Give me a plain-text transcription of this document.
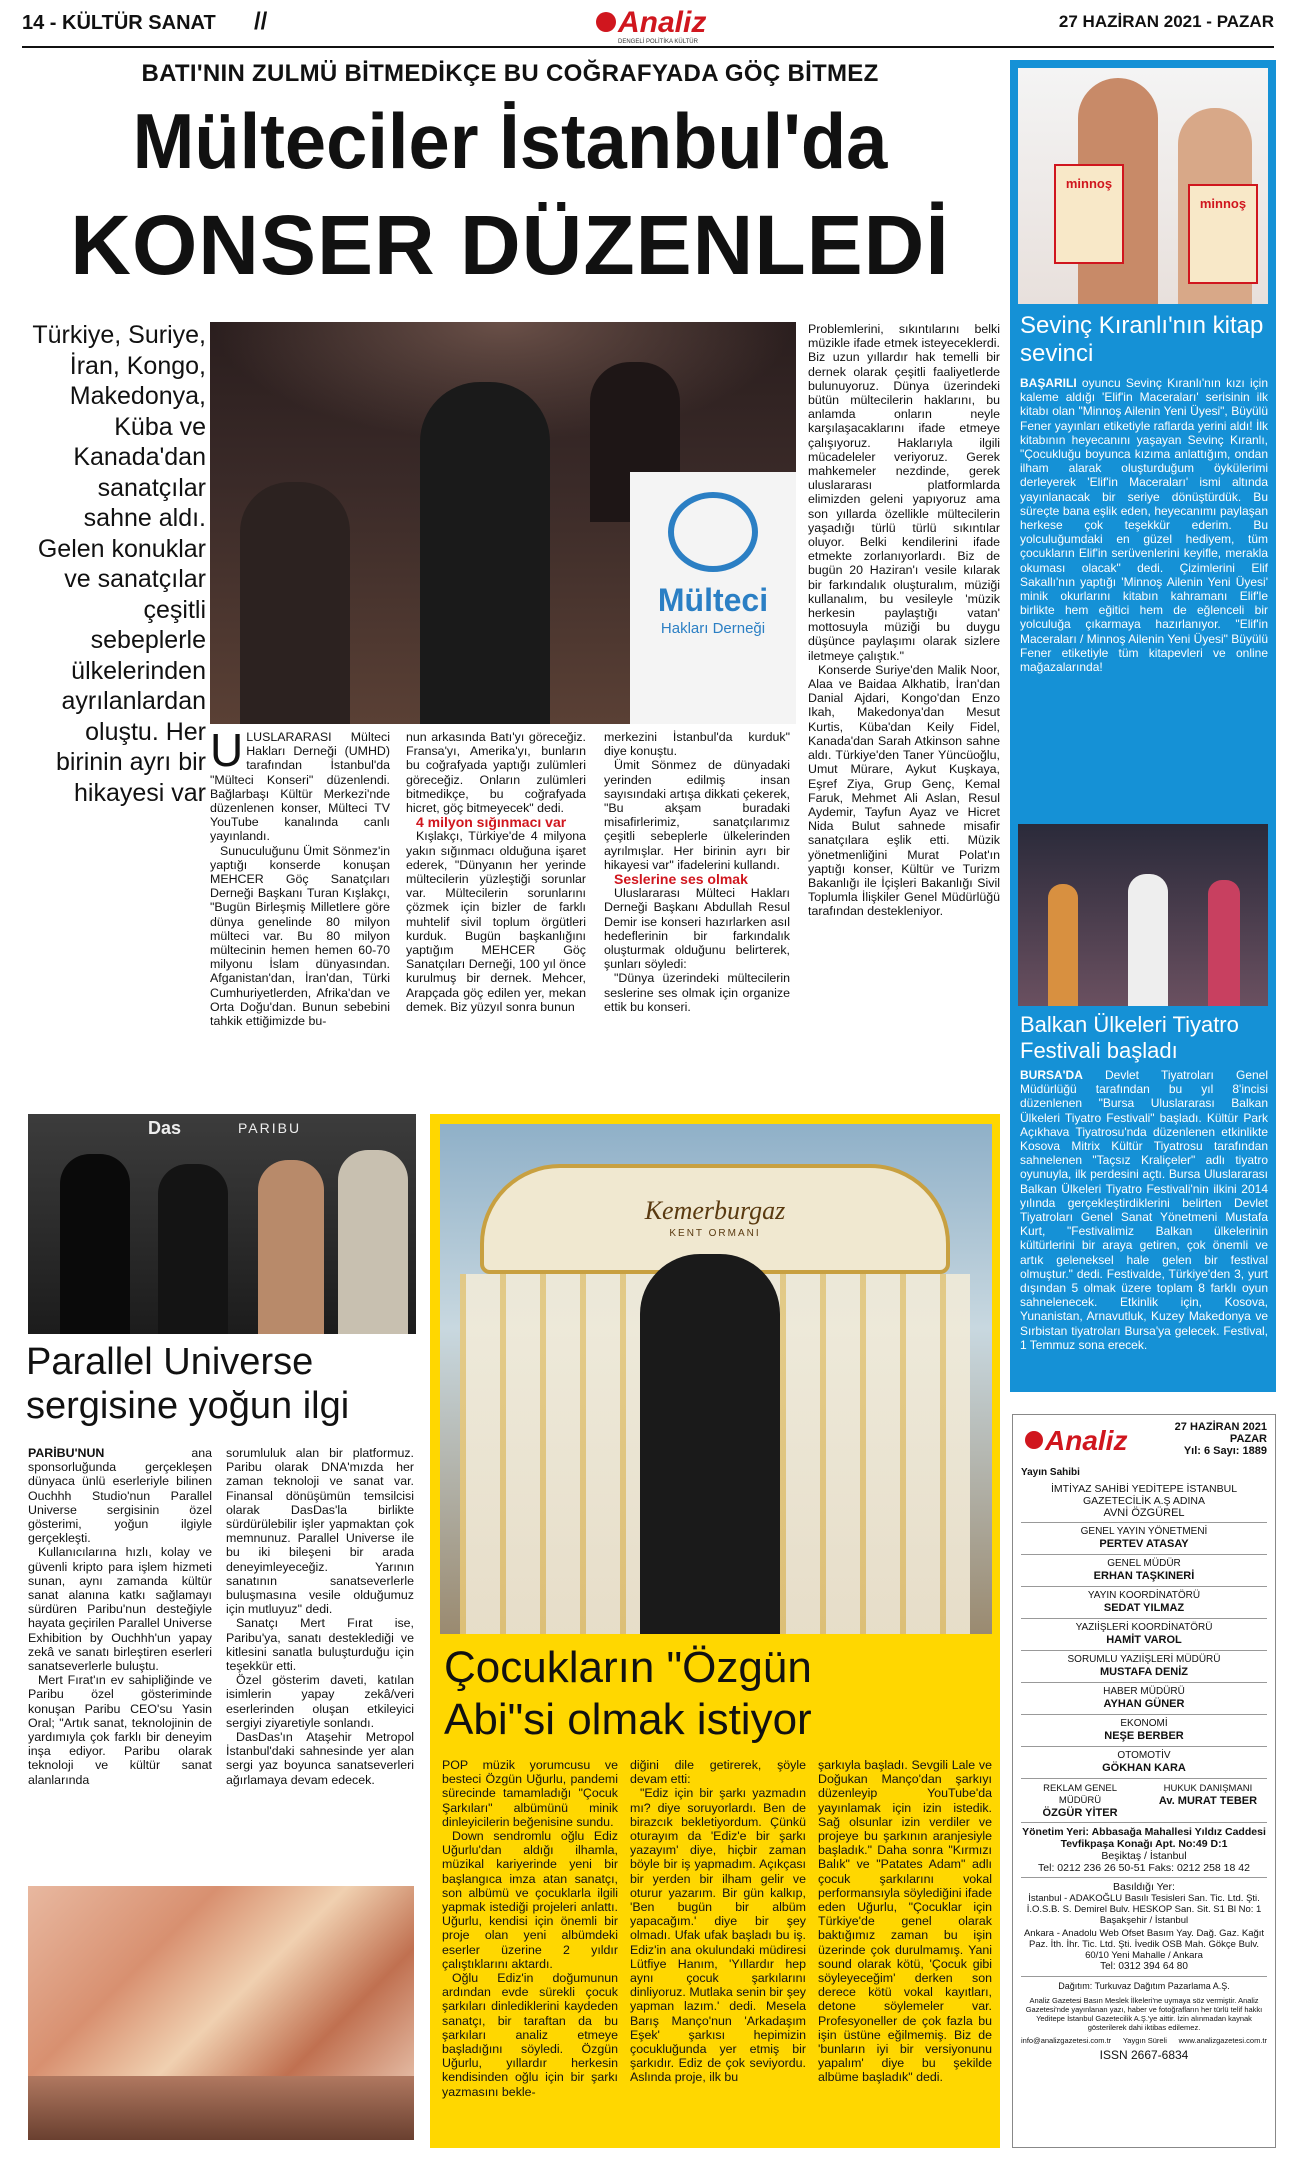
14 - KÜLTÜR SANAT //	Analiz
DENGELİ POLİTİKA KÜLTÜR
27 HAZİRAN 2021 - PAZAR
BATI'NIN ZULMÜ BİTMEDİKÇE BU COĞRAFYADA GÖÇ BİTMEZ
Mülteciler İstanbul'da
KONSER DÜZENLEDİ
Türkiye, Suriye, İran, Kongo, Makedonya, Küba ve Kanada'dan sanatçılar sahne aldı. Gelen konuklar ve sanatçılar çeşitli sebeplerle ülkelerinden ayrılanlardan oluştu. Her birinin ayrı bir hikayesi var
Mülteci
Hakları Derneği

ULUSLARARASI Mülteci Hakları Derneği (UMHD) tarafından İstanbul'da "Mülteci Konseri" düzenlendi. Bağlarbaşı Kültür Merkezi'nde düzenlenen konser, Mülteci TV YouTube kanalında canlı yayınlandı.

Sunuculuğunu Ümit Sönmez'in yaptığı konserde konuşan MEHCER Göç Sanatçıları Derneği Başkanı Turan Kışlakçı, "Bugün Birleşmiş Milletlere göre dünya genelinde 80 milyon mülteci var. Bu 80 milyon mültecinin hemen hemen 60-70 milyonu İslam dünyasından. Afganistan'dan, İran'dan, Türki Cumhuriyetlerden, Afrika'dan ve Orta Doğu'dan. Bunun sebebini tahkik ettiğimizde bu-

nun arkasında Batı'yı göreceğiz. Fransa'yı, Amerika'yı, bunların bu coğrafyada yaptığı zulümleri göreceğiz. Onların zulümleri bitmedikçe, bu coğrafyada hicret, göç bitmeyecek" dedi.

4 milyon sığınmacı var

Kışlakçı, Türkiye'de 4 milyona yakın sığınmacı olduğuna işaret ederek, "Dünyanın her yerinde mültecilerin yüzleştiği sorunlar var. Mültecilerin sorunlarını çözmek için bizler de farklı muhtelif sivil toplum örgütleri kurduk. Bugün başkanlığını yaptığım MEHCER Göç Sanatçıları Derneği, 100 yıl önce kurulmuş bir dernek. Mehcer, Arapçada göç edilen yer, mekan demek. Biz yüzyıl sonra bunun

merkezini İstanbul'da kurduk" diye konuştu.

Ümit Sönmez de dünyadaki yerinden edilmiş insan sayısındaki artışa dikkati çekerek, "Bu akşam buradaki misafirlerimiz, sanatçılarımız çeşitli sebeplerle ülkelerinden ayrılmışlar. Her birinin ayrı bir hikayesi var" ifadelerini kullandı.

Seslerine ses olmak

Uluslararası Mülteci Hakları Derneği Başkanı Abdullah Resul Demir ise konseri hazırlarken asıl hedeflerinin bir farkındalık oluşturmak olduğunu belirterek, şunları söyledi:

"Dünya üzerindeki mültecilerin seslerine ses olmak için organize ettik bu konseri.

Problemlerini, sıkıntılarını belki müzikle ifade etmek isteyeceklerdi. Biz uzun yıllardır hak temelli bir dernek olarak çeşitli faaliyetlerde bulunuyoruz. Dünya üzerindeki bütün mültecilerin haklarını, bu anlamda onların neyle karşılaşacaklarını ifade etmeye çalışıyoruz. Haklarıyla ilgili mücadeleler veriyoruz. Gerek mahkemeler nezdinde, gerek uluslararası platformlarda elimizden geleni yapıyoruz ama son yıllarda özellikle mültecilerin yaşadığı türlü türlü sıkıntılar oluyor. Belki kendilerini ifade etmekte zorlanıyorlardı. Biz de bugün 20 Haziran'ı vesile kılarak bir farkındalık oluşturalım, müziği kullanalım, bu vesileyle 'müzik herkesin paylaştığı vatan' mottosuyla müziği bu duygu düşünce paylaşımı olarak sizlere iletmeye çalıştık."

Konserde Suriye'den Malik Noor, Alaa ve Baidaa Alkhatib, İran'dan Danial Ajdari, Kongo'dan Enzo Ikah, Makedonya'dan Mesut Kurtis, Küba'dan Keily Fidel, Kanada'dan Sarah Atkinson sahne aldı. Türkiye'den Taner Yüncüoğlu, Umut Mürare, Aykut Kuşkaya, Eşref Ziya, Grup Genç, Kemal Faruk, Mehmet Ali Aslan, Resul Aydemir, Tayfun Ayaz ve Hicret Nida Bulut sahnede misafir sanatçılara eşlik etti. Müzik yönetmenliğini Murat Polat'ın yaptığı konser, Kültür ve Turizm Bakanlığı ile İçişleri Bakanlığı Sivil Toplumla İlişkiler Genel Müdürlüğü tarafından destekleniyor.

Das	PARIBU
Parallel Universe sergisine yoğun ilgi

PARİBU'NUN ana sponsorluğunda gerçekleşen dünyaca ünlü eserleriyle bilinen Ouchhh Studio'nun Parallel Universe sergisinin özel gösterimi, yoğun ilgiyle gerçekleşti.

Kullanıcılarına hızlı, kolay ve güvenli kripto para işlem hizmeti sunan, aynı zamanda kültür sanat alanına katkı sağlamayı sürdüren Paribu'nun desteğiyle hayata geçirilen Parallel Universe Exhibition by Ouchhh'un yapay zekâ ve sanatı birleştiren eserleri sanatseverlerle buluştu.

Mert Fırat'ın ev sahipliğinde ve Paribu özel gösteriminde konuşan Paribu CEO'su Yasin Oral; "Artık sanat, teknolojinin de yardımıyla çok farklı bir deneyim inşa ediyor. Paribu olarak teknoloji ve kültür sanat alanlarında

sorumluluk alan bir platformuz. Paribu olarak DNA'mızda her zaman teknoloji ve sanat var. Finansal dönüşümün temsilcisi olarak DasDas'la birlikte sürdürülebilir işler yapmaktan çok memnunuz. Parallel Universe ile bu iki bileşeni bir arada deneyimleyeceğiz. Yarının sanatının sanatseverlerle buluşmasına vesile olduğumuz için mutluyuz" dedi.

Sanatçı Mert Fırat ise, Paribu'ya, sanatı desteklediği ve kitlesini sanatla buluşturduğu için teşekkür etti.

Özel gösterim daveti, katılan isimlerin yapay zekâ/veri eserlerinden oluşan etkileyici sergiyi ziyaretiyle sonlandı.

DasDas'ın Ataşehir Metropol İstanbul'daki sahnesinde yer alan sergi yaz boyunca sanatseverleri ağırlamaya devam edecek.

Kemerburgaz
KENT ORMANI
Çocukların "Özgün
Abi"si olmak istiyor

POP müzik yorumcusu ve besteci Özgün Uğurlu, pandemi sürecinde tamamladığı "Çocuk Şarkıları" albümünü minik dinleyicilerin beğenisine sundu.

Down sendromlu oğlu Ediz Uğurlu'dan aldığı ilhamla, müzikal kariyerinde yeni bir başlangıca imza atan sanatçı, son albümü ve çocuklarla ilgili yapmak istediği projeleri anlattı. Uğurlu, kendisi için önemli bir proje olan yeni albümdeki eserler üzerine 2 yıldır çalıştıklarını aktardı.

Oğlu Ediz'in doğumunun ardından evde sürekli çocuk şarkıları dinlediklerini kaydeden sanatçı, bir taraftan da bu şarkıları analiz etmeye başladığını söyledi. Özgün Uğurlu, yıllardır herkesin kendisinden oğlu için bir şarkı yazmasını bekle-

diğini dile getirerek, şöyle devam etti:

"Ediz için bir şarkı yazmadın mı? diye soruyorlardı. Ben de birazcık bekletiyordum. Çünkü oturayım da 'Ediz'e bir şarkı yazayım' diye, hiçbir zaman böyle bir iş yapmadım. Açıkçası bir yerden bir ilham gelir ve oturur yazarım. Bir gün kalkıp, 'Ben bugün bir albüm yapacağım.' diye bir şey olmadı. Ufak ufak başladı bu iş. Ediz'in ana okulundaki müdiresi Lütfiye Hanım, 'Yıllardır hep aynı çocuk şarkılarını dinliyoruz. Mutlaka senin bir şey yapman lazım.' dedi. Mesela Barış Manço'nun 'Arkadaşım Eşek' şarkısı hepimizin çocukluğunda yer etmiş bir şarkıdır. Ediz de çok seviyordu. Aslında proje, ilk bu

şarkıyla başladı. Sevgili Lale ve Doğukan Manço'dan şarkıyı düzenleyip YouTube'da yayınlamak için izin istedik. Sağ olsunlar izin verdiler ve projeye bu şarkının aranjesiyle başladık." Daha sonra "Kırmızı Balık" ve "Patates Adam" adlı çocuk şarkılarını vokal performansıyla söylediğini ifade eden Uğurlu, "Çocuklar için Türkiye'de genel olarak baktığımız zaman bu işin üzerinde çok durulmamış. Yani sound olarak kötü, 'Çocuk gibi söyleyeceğim' derken son derece kötü vokal kayıtları, detone söylemeler var. Profesyoneller de çok fazla bu işin üstüne eğilmemiş. Biz de 'bunların iyi bir versiyonunu yapalım' diye bu şekilde albüme başladık" dedi.

minnoş
minnoş
Sevinç Kıranlı'nın kitap sevinci

BAŞARILI oyuncu Sevinç Kıranlı'nın kızı için kaleme aldığı 'Elif'in Maceraları' serisinin ilk kitabı olan "Minnoş Ailenin Yeni Üyesi", Büyülü Fener yayınları etiketiyle raflarda yerini aldı! İlk kitabının heyecanını yaşayan Sevinç Kıranlı, "Çocukluğu boyunca kızıma anlattığım, ondan ilham alarak oluşturduğum öykülerimi derleyerek 'Elif'in Maceraları' ismi altında yayınlanacak bir seriye dönüştürdük. Bu süreçte bana eşlik eden, heyecanımı paylaşan herkese çok teşekkür ederim. Bu yolculuğumdaki en güzel hediyem, tüm çocukların Elif'in serüvenlerini keyifle, merakla okuması olacak" dedi. Çizimlerini Elif Sakallı'nın yaptığı 'Minnoş Ailenin Yeni Üyesi' minik okurlarını kitabın kahramanı Elif'le birlikte hem eğitici hem de eğlenceli bir yolculuğa çıkarmaya hazırlanıyor. "Elif'in Maceraları / Minnoş Ailenin Yeni Üyesi" Büyülü Fener etiketiyle tüm kitapevleri ve online mağazalarında!

Balkan Ülkeleri Tiyatro Festivali başladı

BURSA'DA Devlet Tiyatroları Genel Müdürlüğü tarafından bu yıl 8'incisi düzenlenen "Bursa Uluslararası Balkan Ülkeleri Tiyatro Festivali" başladı. Kültür Park Açıkhava Tiyatrosu'nda düzenlenen etkinlikte Kosova Mitrix Kültür Tiyatrosu tarafından sahnelenen "Taçsız Kraliçeler" adlı tiyatro oyunuyla, ilk perdesini açtı. Bursa Uluslararası Balkan Ülkeleri Tiyatro Festivali'nin ilkini 2014 yılında gerçekleştirdiklerini belirten Devlet Tiyatroları Genel Sanat Yönetmeni Mustafa Kurt, "Festivalimiz Balkan ülkelerinin kültürlerini bir araya getiren, çok önemli ve artık geleneksel hale gelen bir festival olmuştur." dedi. Festivalde, Türkiye'den 3, yurt dışından 5 olmak üzere toplam 8 farklı oyun sahnelenecek. Etkinlik için, Kosova, Yunanistan, Arnavutluk, Kuzey Makedonya ve Sırbistan tiyatroları Bursa'ya gelecek. Festival, 1 Temmuz sona erecek.

Analiz	27 HAZİRAN 2021
PAZAR
Yıl: 6 Sayı: 1889
Yayın Sahibi
İMTİYAZ SAHİBİ YEDİTEPE İSTANBUL GAZETECİLİK A.Ş ADINA
AVNİ ÖZGÜREL
GENEL YAYIN YÖNETMENİ
PERTEV ATASAY
GENEL MÜDÜR
ERHAN TAŞKINERİ
YAYIN KOORDİNATÖRÜ
SEDAT YILMAZ
YAZIİŞLERİ KOORDİNATÖRÜ
HAMİT VAROL
SORUMLU YAZIİŞLERİ MÜDÜRÜ
MUSTAFA DENİZ
HABER MÜDÜRÜ
AYHAN GÜNER
EKONOMİ
NEŞE BERBER
OTOMOTİV
GÖKHAN KARA
REKLAM GENEL MÜDÜRÜ
ÖZGÜR YİTER
HUKUK DANIŞMANI
Av. MURAT TEBER
Yönetim Yeri: Abbasağa Mahallesi Yıldız Caddesi Tevfikpaşa Konağı Apt. No:49 D:1
Beşiktaş / İstanbul
Tel: 0212 236 26 50-51 Faks: 0212 258 18 42
Basıldığı Yer:
İstanbul - ADAKOĞLU Basılı Tesisleri San. Tic. Ltd. Şti. İ.O.S.B. S. Demirel Bulv. HESKOP San. Sit. S1 Bl No: 1 Başakşehir / İstanbul
Ankara - Anadolu Web Ofset Basım Yay. Dağ. Gaz. Kağıt Paz. İth. İhr. Tic. Ltd. Şti. İvedik OSB Mah. Gökçe Bulv. 60/10 Yeni Mahalle / Ankara
Tel: 0312 394 64 80
Dağıtım: Turkuvaz Dağıtım Pazarlama A.Ş.
Analiz Gazetesi Basın Meslek İlkeleri'ne uymaya söz vermiştir. Analiz Gazetesi'nde yayınlanan yazı, haber ve fotoğrafların her türlü telif hakkı Yeditepe İstanbul Gazetecilik A.Ş.'ye aittir. İzin alınmadan kaynak gösterilerek dahi iktibas edilemez.
info@analizgazetesi.com.tr Yaygın Süreli www.analizgazetesi.com.tr
ISSN 2667-6834
